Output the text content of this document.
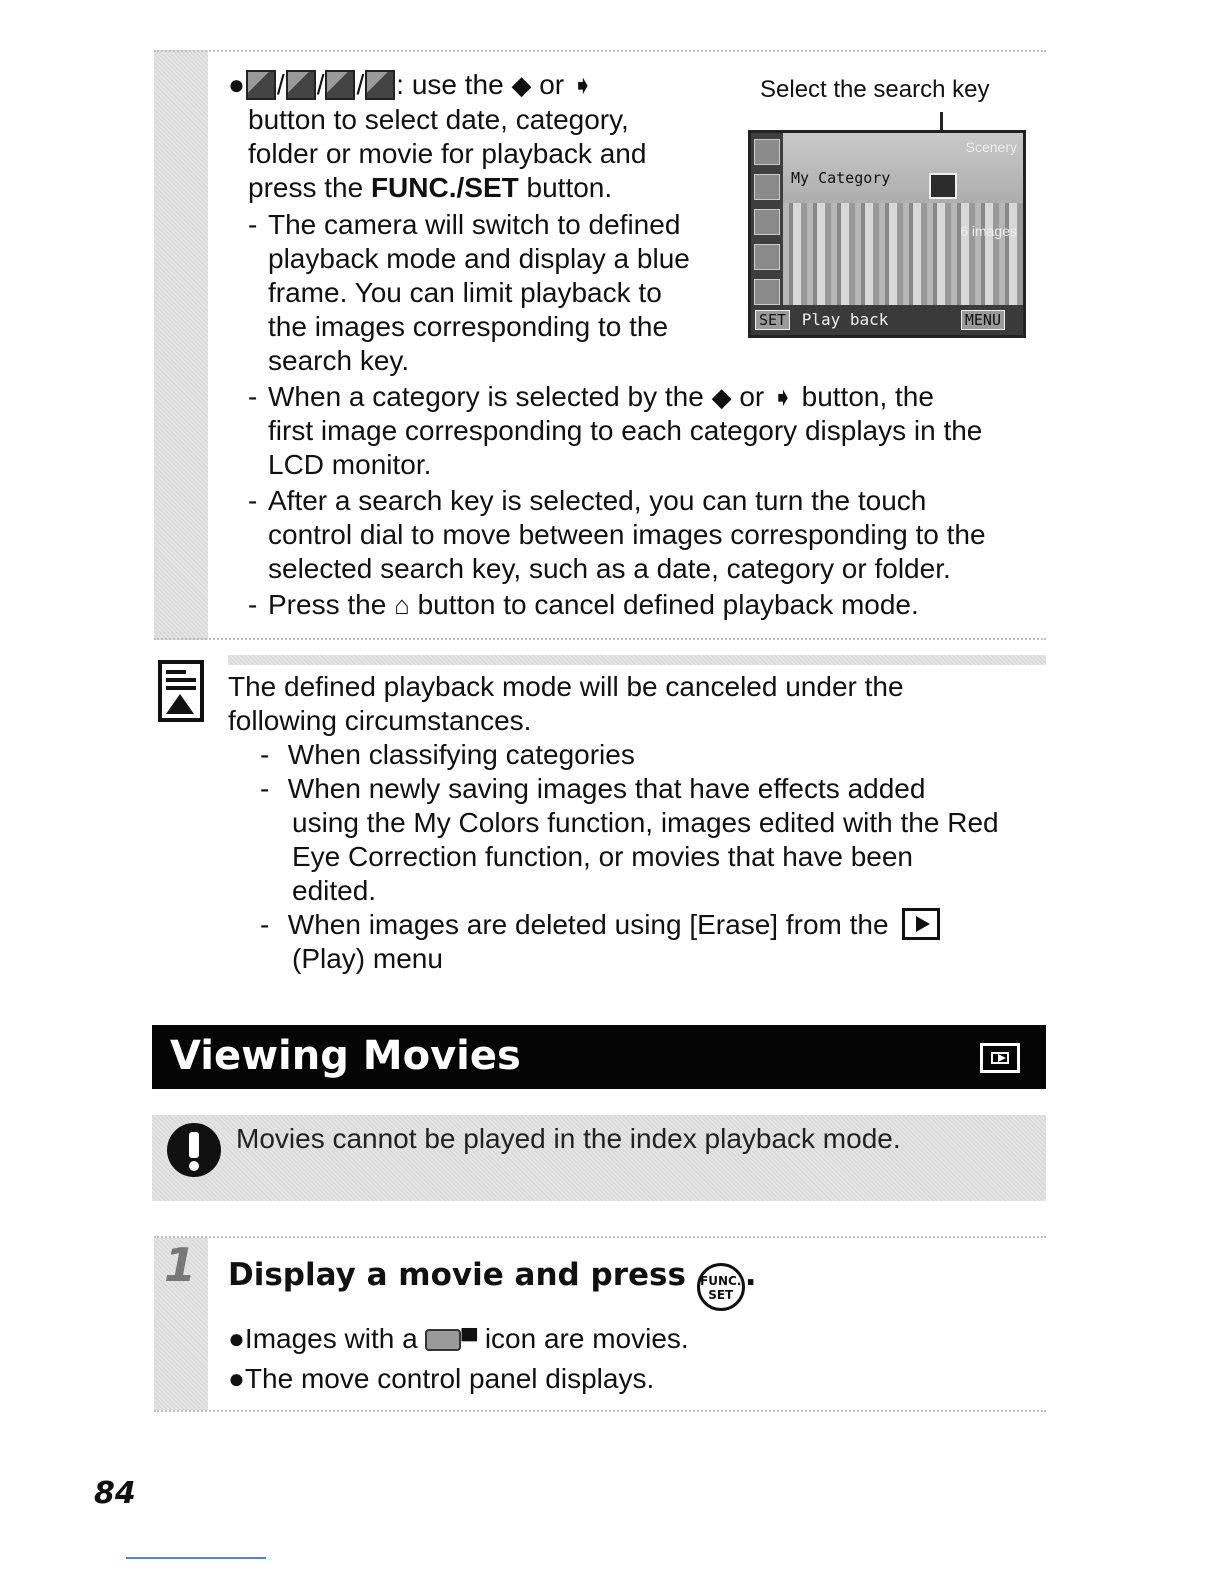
● / / / : use the ◆ or ➧

button to select date, category,

folder or movie for playback and

press the FUNC./SET button.

- The camera will switch to defined

playback mode and display a blue

frame. You can limit playback to

the images corresponding to the

search key.

- When a category is selected by the ◆ or ➧ button, the

first image corresponding to each category displays in the

LCD monitor.

- After a search key is selected, you can turn the touch

control dial to move between images corresponding to the

selected search key, such as a date, category or folder.

- Press the ⌂ button to cancel defined playback mode.

Select the search key
My Category
Scenery
6 images
SET Play back	MENU

The defined playback mode will be canceled under the

following circumstances.

- When classifying categories

- When newly saving images that have effects added

using the My Colors function, images edited with the Red

Eye Correction function, or movies that have been

edited.

- When images are deleted using [Erase] from the

(Play) menu

Viewing Movies
Movies cannot be played in the index playback mode.
1 Display a movie and press FUNC.
SET.

●Images with a ▀ icon are movies.

●The move control panel displays.

84
